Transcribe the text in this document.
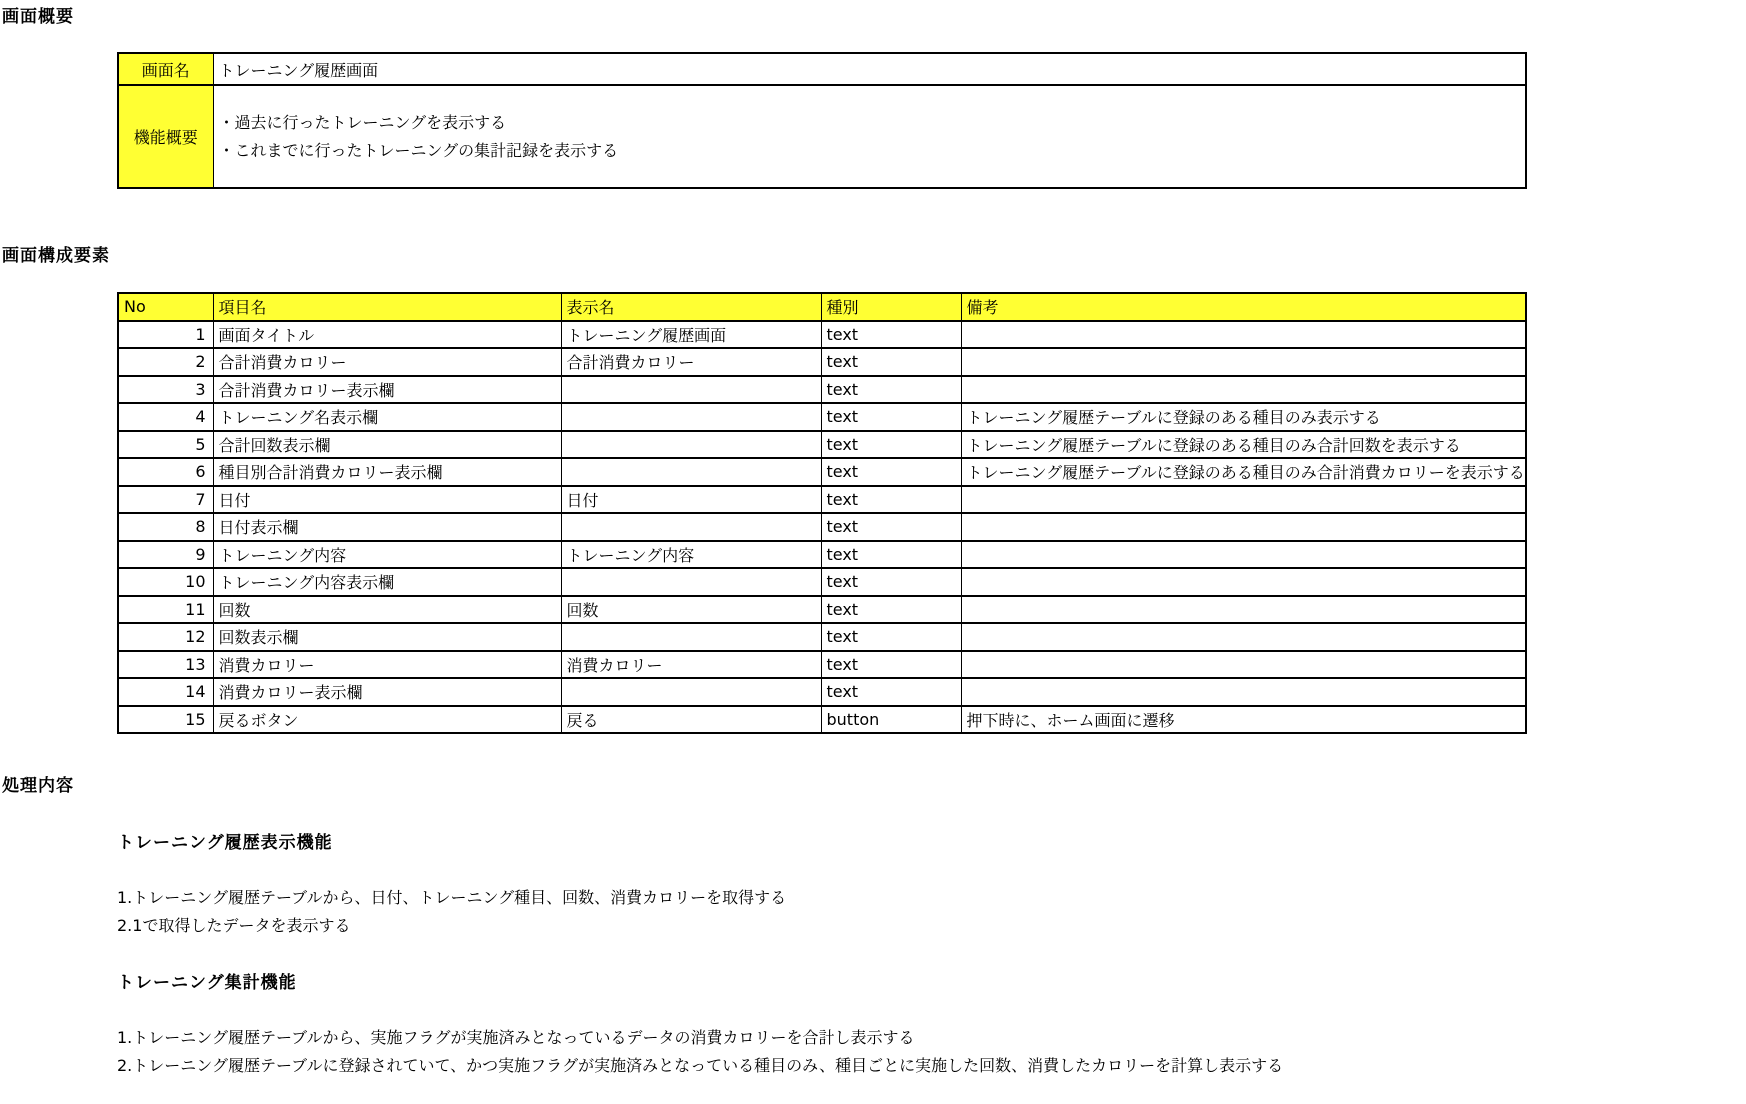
画面概要
画面名	トレーニング履歴画面
機能概要	・過去に行ったトレーニングを表示する
・これまでに行ったトレーニングの集計記録を表示する
画面構成要素
No	項目名	表示名	種別	備考
1	画面タイトル	トレーニング履歴画面	text	
2	合計消費カロリー	合計消費カロリー	text	
3	合計消費カロリー表示欄		text	
4	トレーニング名表示欄		text	トレーニング履歴テーブルに登録のある種目のみ表示する
5	合計回数表示欄		text	トレーニング履歴テーブルに登録のある種目のみ合計回数を表示する
6	種目別合計消費カロリー表示欄		text	トレーニング履歴テーブルに登録のある種目のみ合計消費カロリーを表示する
7	日付	日付	text	
8	日付表示欄		text	
9	トレーニング内容	トレーニング内容	text	
10	トレーニング内容表示欄		text	
11	回数	回数	text	
12	回数表示欄		text	
13	消費カロリー	消費カロリー	text	
14	消費カロリー表示欄		text	
15	戻るボタン	戻る	button	押下時に、ホーム画面に遷移
処理内容
トレーニング履歴表示機能
1.トレーニング履歴テーブルから、日付、トレーニング種目、回数、消費カロリーを取得する
2.1で取得したデータを表示する
トレーニング集計機能
1.トレーニング履歴テーブルから、実施フラグが実施済みとなっているデータの消費カロリーを合計し表示する
2.トレーニング履歴テーブルに登録されていて、かつ実施フラグが実施済みとなっている種目のみ、種目ごとに実施した回数、消費したカロリーを計算し表示する
